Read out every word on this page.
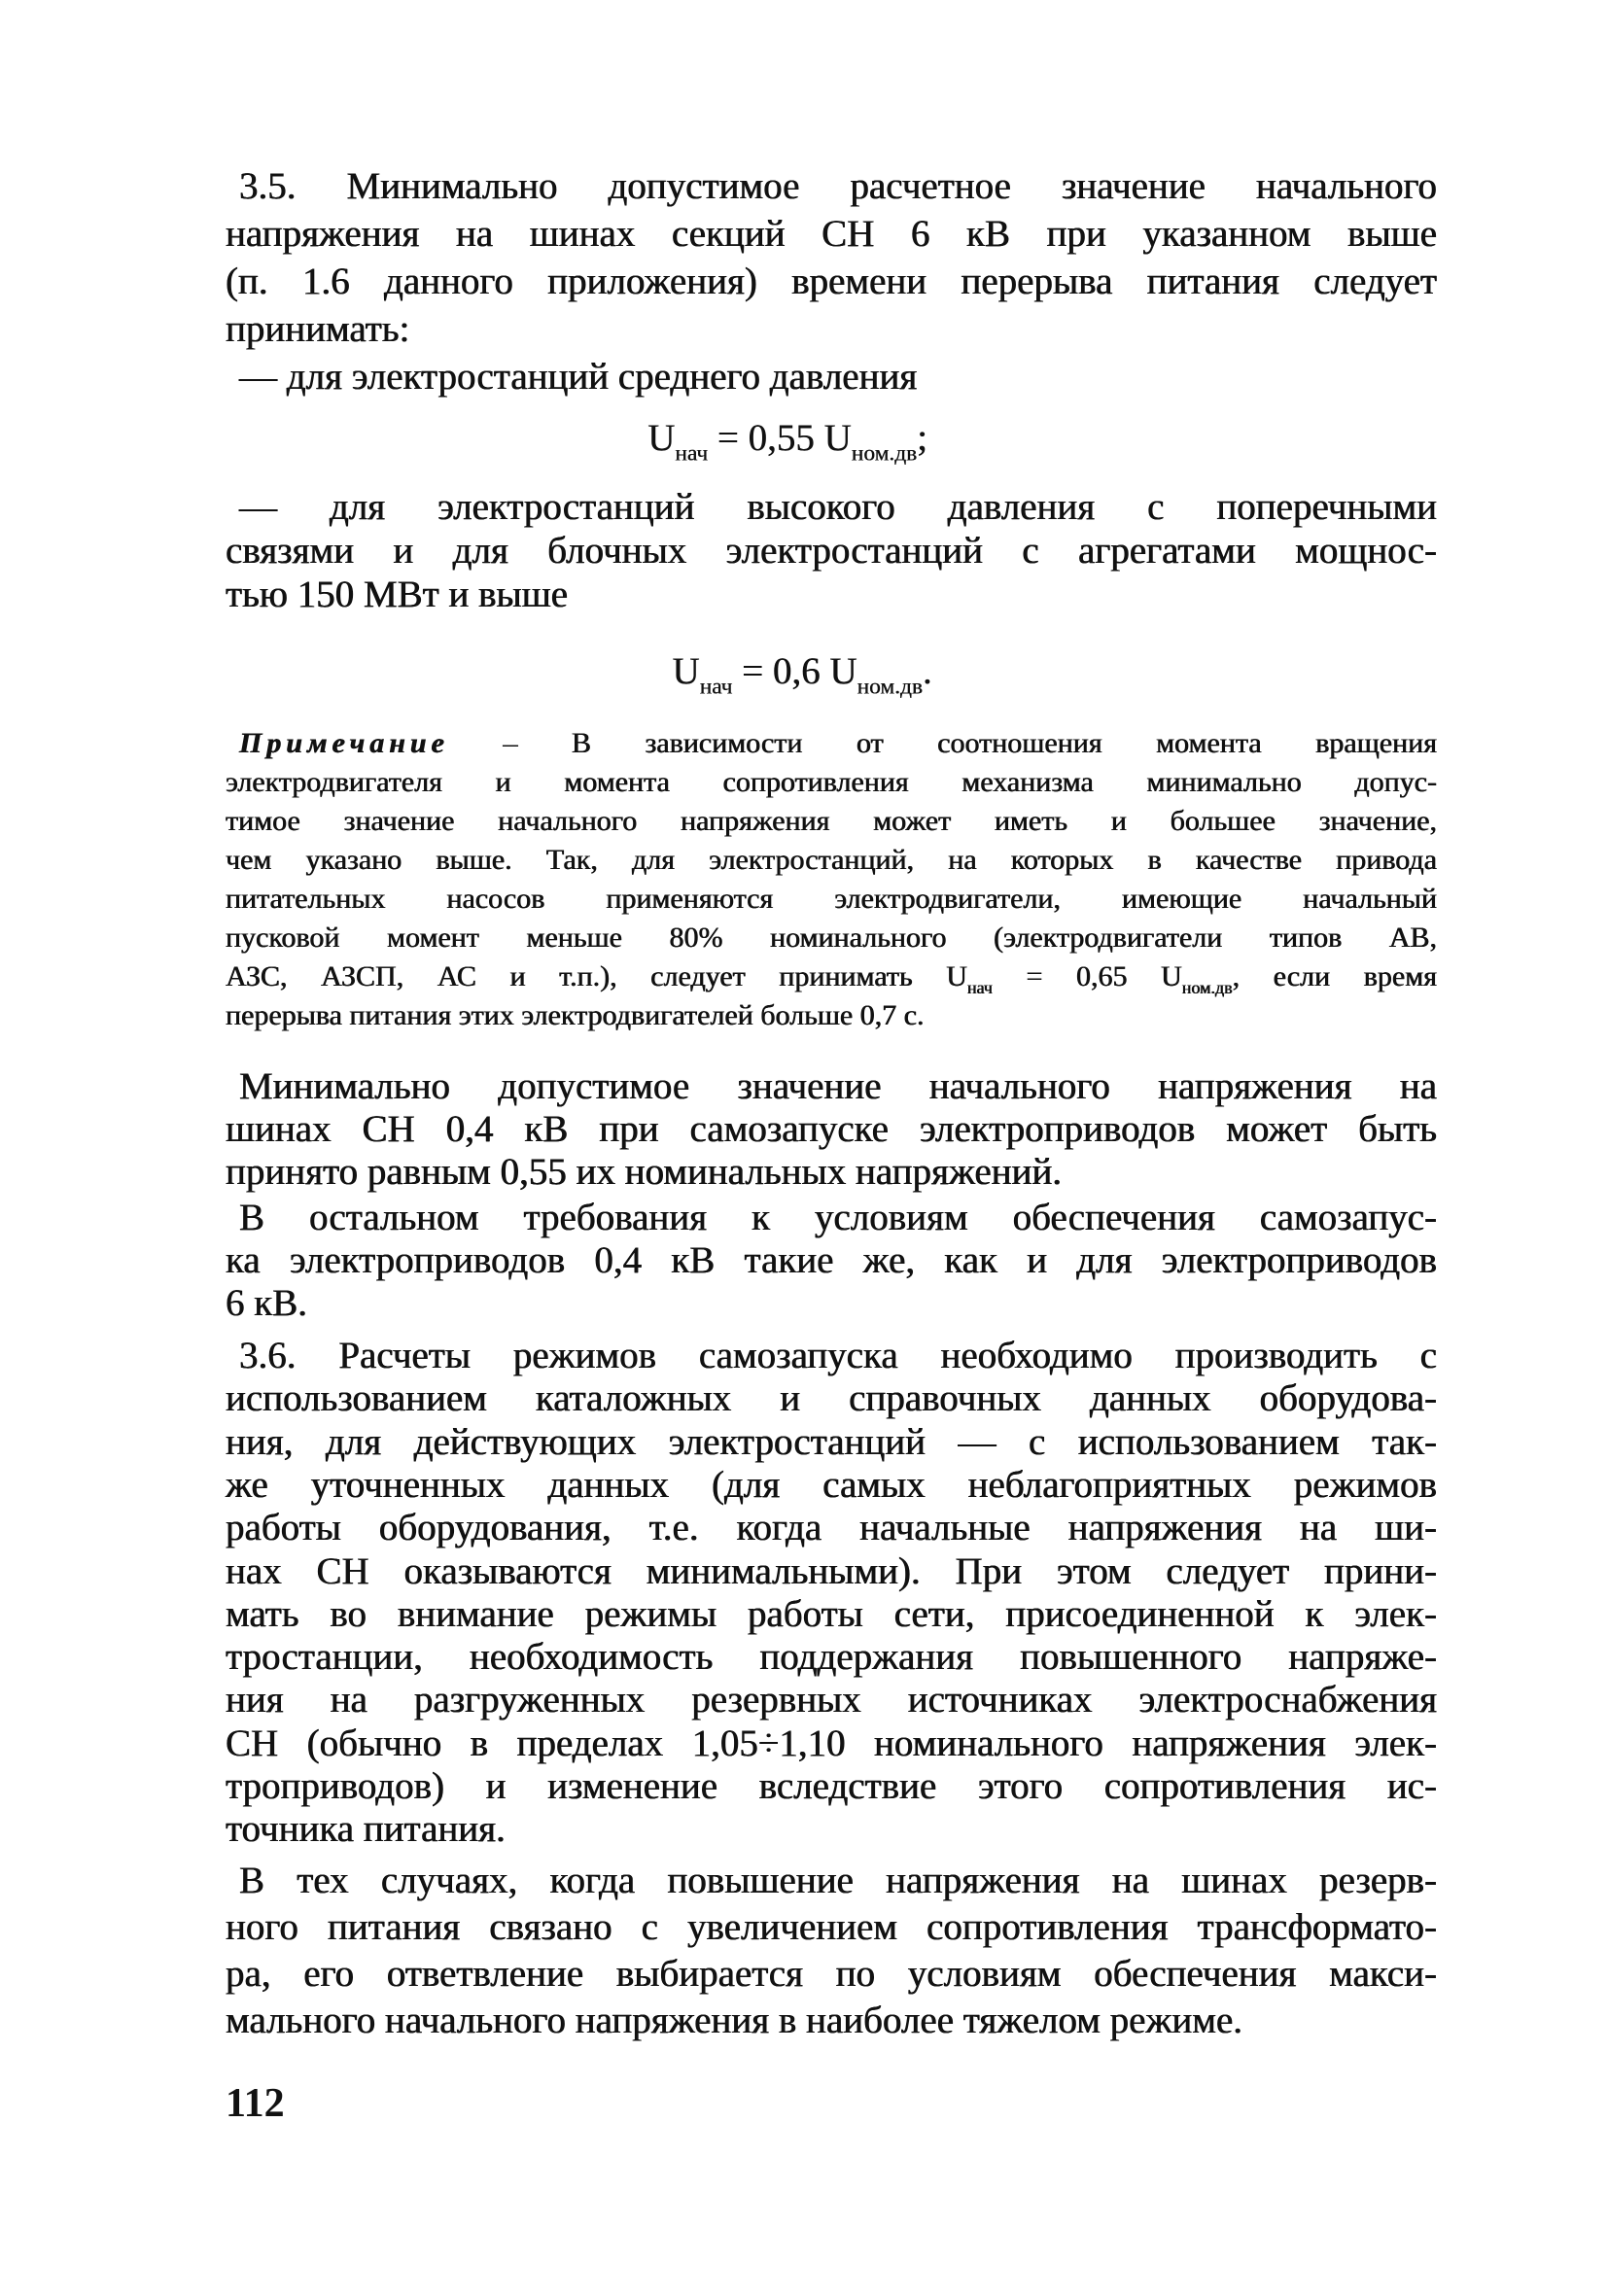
3.5. Минимально допустимое расчетное значение начального
напряжения на шинах секций СН 6 кВ при указанном выше
(п. 1.6 данного приложения) времени перерыва питания следует
принимать:
— для электростанций среднего давления
— для электростанций высокого давления с поперечными
связями и для блочных электростанций с агрегатами мощнос-
тью 150 МВт и выше
Примечание – В зависимости от соотношения момента вращения
электродвигателя и момента сопротивления механизма минимально допус-
тимое значение начального напряжения может иметь и большее значение,
чем указано выше. Так, для электростанций, на которых в качестве привода
питательных насосов применяются электродвигатели, имеющие начальный
пусковой момент меньше 80% номинального (электродвигатели типов АВ,
АЗС, АЗСП, АС и т.п.), следует принимать $U_{нач} = 0,65$ $U_{ном.дв}$, если время
перерыва питания этих электродвигателей больше 0,7 с.
Минимально допустимое значение начального напряжения на
шинах СН 0,4 кВ при самозапуске электроприводов может быть
принято равным 0,55 их номинальных напряжений.
В остальном требования к условиям обеспечения самозапус-
ка электроприводов 0,4 кВ такие же, как и для электроприводов
6 кВ.
3.6. Расчеты режимов самозапуска необходимо производить с
использованием каталожных и справочных данных оборудова-
ния, для действующих электростанций — с использованием так-
же уточненных данных (для самых неблагоприятных режимов
работы оборудования, т.е. когда начальные напряжения на ши-
нах СН оказываются минимальными). При этом следует прини-
мать во внимание режимы работы сети, присоединенной к элек-
тростанции, необходимость поддержания повышенного напряже-
ния на разгруженных резервных источниках электроснабжения
СН (обычно в пределах 1,05÷1,10 номинального напряжения элек-
троприводов) и изменение вследствие этого сопротивления ис-
точника питания.
В тех случаях, когда повышение напряжения на шинах резерв-
ного питания связано с увеличением сопротивления трансформато-
ра, его ответвление выбирается по условиям обеспечения макси-
мального начального напряжения в наиболее тяжелом режиме.
$U_{нач} = 0,55$ $U_{ном.дв}$;
$U_{нач} = 0,6$ $U_{ном.дв}$.
112
